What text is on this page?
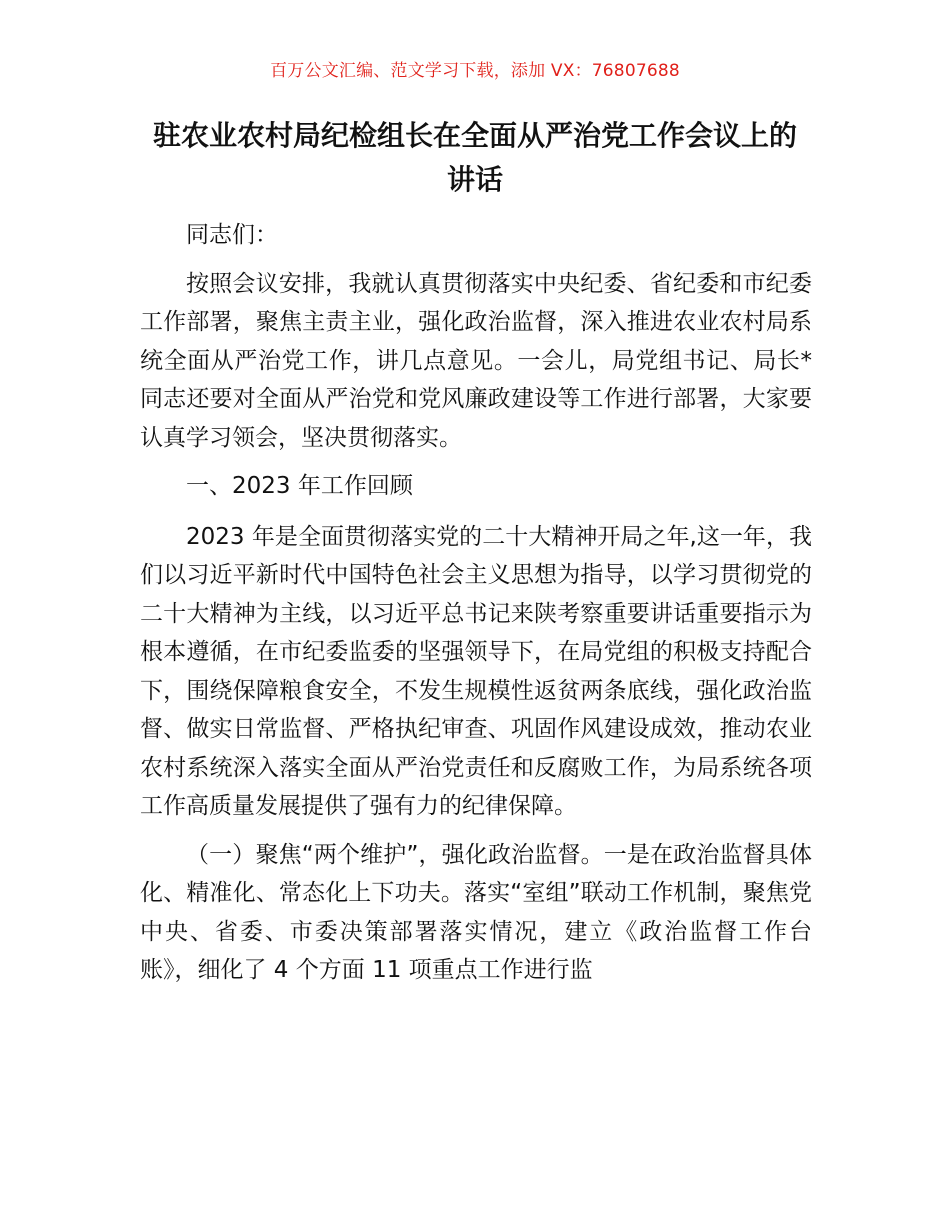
百万公文汇编、范文学习下载，添加 VX：76807688
驻农业农村局纪检组长在全面从严治党工作会议上的讲话

同志们：

按照会议安排，我就认真贯彻落实中央纪委、省纪委和市纪委工作部署，聚焦主责主业，强化政治监督，深入推进农业农村局系统全面从严治党工作，讲几点意见。一会儿，局党组书记、局长*同志还要对全面从严治党和党风廉政建设等工作进行部署，大家要认真学习领会，坚决贯彻落实。

一、2023 年工作回顾

2023 年是全面贯彻落实党的二十大精神开局之年,这一年，我们以习近平新时代中国特色社会主义思想为指导，以学习贯彻党的二十大精神为主线，以习近平总书记来陕考察重要讲话重要指示为根本遵循，在市纪委监委的坚强领导下，在局党组的积极支持配合下，围绕保障粮食安全，不发生规模性返贫两条底线，强化政治监督、做实日常监督、严格执纪审查、巩固作风建设成效，推动农业农村系统深入落实全面从严治党责任和反腐败工作，为局系统各项工作高质量发展提供了强有力的纪律保障。

（一）聚焦“两个维护”，强化政治监督。一是在政治监督具体化、精准化、常态化上下功夫。落实“室组”联动工作机制，聚焦党中央、省委、市委决策部署落实情况，建立《政治监督工作台账》，细化了 4 个方面 11 项重点工作进行监
